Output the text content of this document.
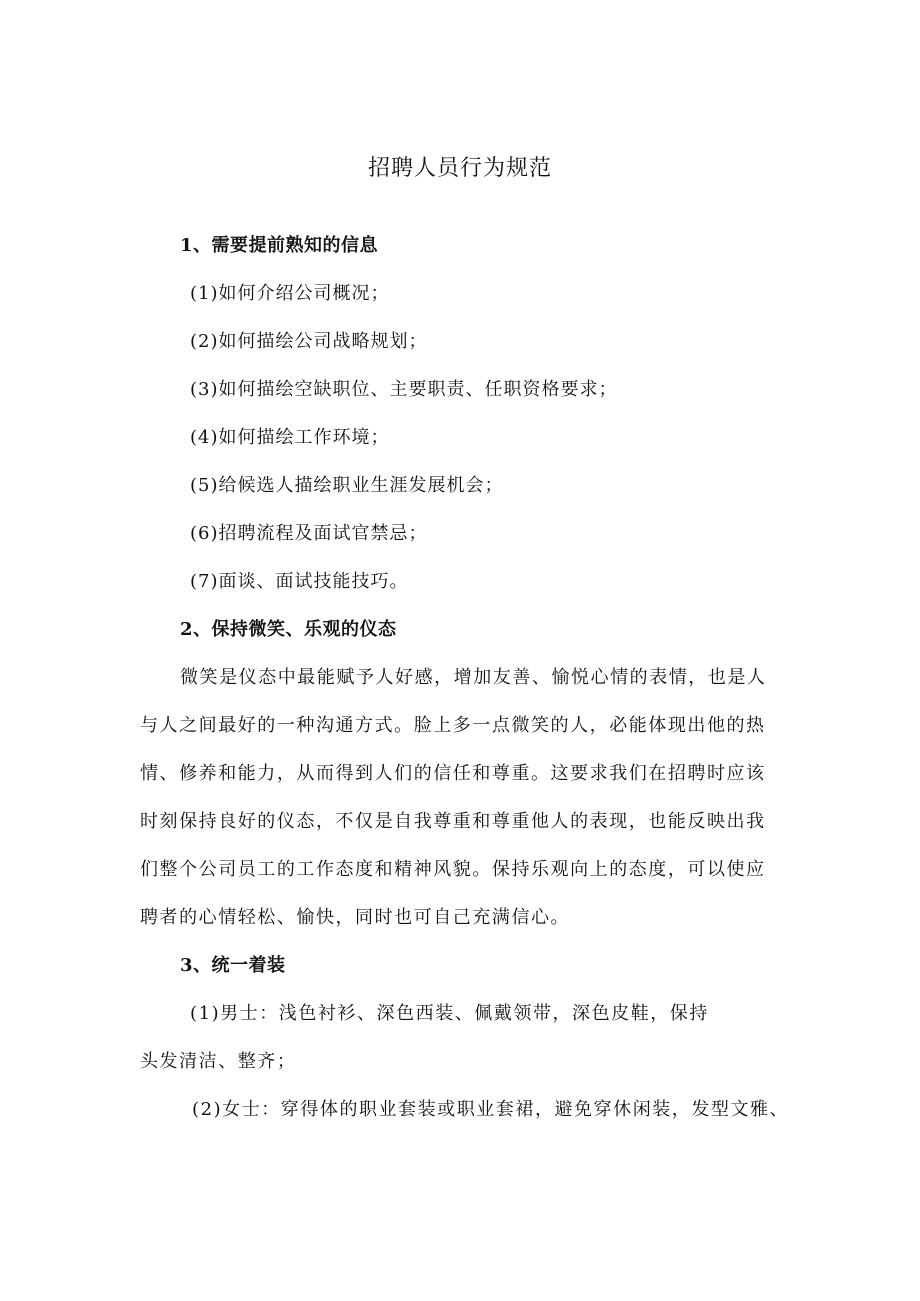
招聘人员行为规范

1、需要提前熟知的信息

(1)如何介绍公司概况；

(2)如何描绘公司战略规划；

(3)如何描绘空缺职位、主要职责、任职资格要求；

(4)如何描绘工作环境；

(5)给候选人描绘职业生涯发展机会；

(6)招聘流程及面试官禁忌；

(7)面谈、面试技能技巧。

2、保持微笑、乐观的仪态

微笑是仪态中最能赋予人好感，增加友善、愉悦心情的表情，也是人

与人之间最好的一种沟通方式。脸上多一点微笑的人，必能体现出他的热

情、修养和能力，从而得到人们的信任和尊重。这要求我们在招聘时应该

时刻保持良好的仪态，不仅是自我尊重和尊重他人的表现，也能反映出我

们整个公司员工的工作态度和精神风貌。保持乐观向上的态度，可以使应

聘者的心情轻松、愉快，同时也可自己充满信心。

3、统一着装

(1)男士：浅色衬衫、深色西装、佩戴领带，深色皮鞋，保持

头发清洁、整齐；

(2)女士：穿得体的职业套装或职业套裙，避免穿休闲装，发型文雅、
